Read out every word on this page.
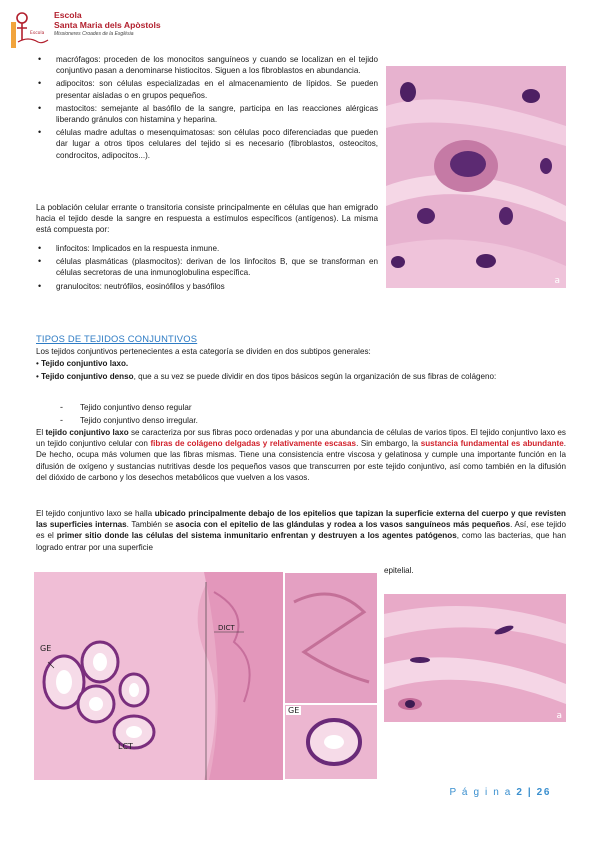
Escola
Escola
Santa Maria dels Apòstols
Missioneres Croades de la Església
• macrófagos: proceden de los monocitos sanguíneos y cuando se localizan en el tejido conjuntivo pasan a denominarse histiocitos. Siguen a los fibroblastos en abundancia.
• adipocitos: son células especializadas en el almacenamiento de lípidos. Se pueden presentar aisladas o en grupos pequeños.
• mastocitos: semejante al basófilo de la sangre, participa en las reacciones alérgicas liberando gránulos con histamina y heparina.
• células madre adultas o mesenquimatosas: son células poco diferenciadas que pueden dar lugar a otros tipos celulares del tejido si es necesario (fibroblastos, osteocitos, condrocitos, adipocitos...).
La población celular errante o transitoria consiste principalmente en células que han emigrado hacia el tejido desde la sangre en respuesta a estímulos específicos (antígenos). La misma está compuesta por:
• linfocitos: Implicados en la respuesta inmune.
• células plasmáticas (plasmocitos): derivan de los linfocitos B, que se transforman en células secretoras de una inmunoglobulina específica.
• granulocitos: neutrófilos, eosinófilos y basófilos
a
TIPOS DE TEJIDOS CONJUNTIVOS
Los tejidos conjuntivos pertenecientes a esta categoría se dividen en dos subtipos generales:
• Tejido conjuntivo laxo.
• Tejido conjuntivo denso, que a su vez se puede dividir en dos tipos básicos según la organización de sus fibras de colágeno:
- Tejido conjuntivo denso regular
- Tejido conjuntivo denso irregular.
El tejido conjuntivo laxo se caracteriza por sus fibras poco ordenadas y por una abundancia de células de varios tipos. El tejido conjuntivo laxo es un tejido conjuntivo celular con fibras de colágeno delgadas y relativamente escasas. Sin embargo, la sustancia fundamental es abundante. De hecho, ocupa más volumen que las fibras mismas. Tiene una consistencia entre viscosa y gelatinosa y cumple una importante función en la difusión de oxígeno y sustancias nutritivas desde los pequeños vasos que transcurren por este tejido conjuntivo, así como también en la difusión del dióxido de carbono y los desechos metabólicos que vuelven a los vasos.
El tejido conjuntivo laxo se halla ubicado principalmente debajo de los epitelios que tapizan la superficie externa del cuerpo y que revisten las superficies internas. También se asocia con el epitelio de las glándulas y rodea a los vasos sanguíneos más pequeños. Así, ese tejido es el primer sitio donde las células del sistema inmunitario enfrentan y destruyen a los agentes patógenos, como las bacterias, que han logrado entrar por una superficie
epitelial.
GE
DICT
LCT
GE
a
P á g i n a 2 | 26
